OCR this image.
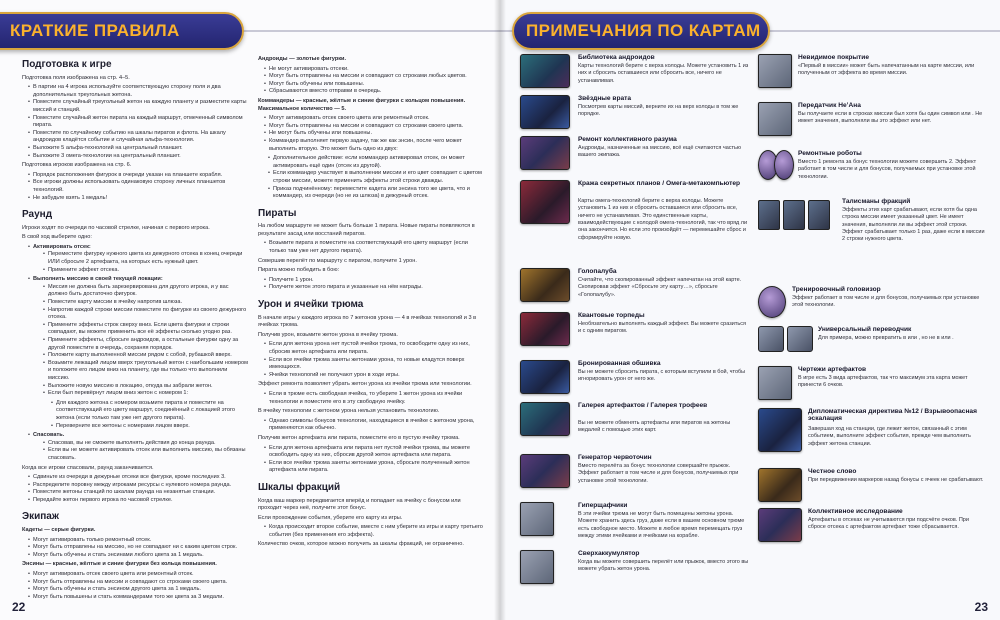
КРАТКИЕ ПРАВИЛА
Подготовка к игре

Подготовка поля изображена на стр. 4–5.

• В партии на 4 игрока используйте соответствующую сторону поля и два дополнительных треугольных жетона.
• Поместите случайный треугольный жетон на каждую планету и разместите карты миссий и станций.
• Поместите случайный жетон пирата на каждый маршрут, отмеченный символом пирата.
• Поместите по случайному событию на шкалы пиратов и флота. На шкалу андроидов кладётся событие и случайная альфа-технология.
• Выложите 5 альфа-технологий на центральный планшет.
• Выложите 3 омега-технологии на центральный планшет.

Подготовка игроков изображена на стр. 6.

• Порядок расположения фигурок в очереди указан на планшете корабля.
• Все игроки должны использовать одинаковую сторону личных планшетов технологий.
• Не забудьте взять 1 медаль!
Раунд

Игроки ходят по очереди по часовой стрелке, начиная с первого игрока.

В свой ход выберите одно:

• Активировать отсек:
• Переместите фигурку нужного цвета из дежурного отсека в конец очереди ИЛИ сбросьте 2 артефакта, на которых есть нужный цвет.
• Примените эффект отсека.
• Выполнить миссию в своей текущей локации:
• Миссия не должна быть зарезервирована для другого игрока, и у вас должно быть достаточно фигурок.
• Поместите карту миссии в ячейку напротив шлюза.
• Напротив каждой строки миссии поместите по фигурке из своего дежурного отсека.
• Примените эффекты строк сверху вниз. Если цвета фигурки и строки совпадают, вы можете применить все её эффекты сколько угодно раз.
• Примените эффекты, сбросьте андроидов, а остальные фигурки одну за другой поместите в очередь, сохраняя порядок.
• Положите карту выполненной миссии рядом с собой, рубашкой вверх.
• Возьмите лежащий лицом вверх треугольный жетон с наибольшим номером и положите его лицом вниз на планету, где вы только что выполнили миссию.
• Выложите новую миссию в локацию, откуда вы забрали жетон.
• Если был перевёрнут лицом вниз жетон с номером 1:
• Для каждого жетона с номером возьмите пирата и поместите на соответствующий его цвету маршрут, соединённый с локацией этого жетона (если только там уже нет другого пирата).
• Переверните все жетоны с номерами лицом вверх.
• Спасовать.
• Спасовав, вы не сможете выполнять действия до конца раунда.
• Если вы не можете активировать отсек или выполнить миссию, вы обязаны спасовать.

Когда все игроки спасовали, раунд заканчивается.

• Сдвиньте из очереди в дежурные отсеки все фигурки, кроме последних 3.
• Распределите поровну между игроками ресурсы с нулевого номера раунда.
• Поместите жетоны станций по шкалам раунда на незанятые станции.
• Передайте жетон первого игрока по часовой стрелке.
Экипаж

Кадеты — серые фигурки.

• Могут активировать только ремонтный отсек.
• Могут быть отправлены на миссию, но не совпадают ни с каким цветом строк.
• Могут быть обучены и стать энсинами любого цвета за 1 медаль.

Энсины — красные, жёлтые и синие фигурки без кольца повышения.

• Могут активировать отсек своего цвета или ремонтный отсек.
• Могут быть отправлены на миссии и совпадают со строками своего цвета.
• Могут быть обучены и стать энсином другого цвета за 1 медаль.
• Могут быть повышены и стать коммандерами того же цвета за 3 медали.

Андроиды — золотые фигурки.

• Не могут активировать отсеки.
• Могут быть отправлены на миссии и совпадают со строками любых цветов.
• Могут быть обучены или повышены.
• Сбрасываются вместо отправки в очередь.

Коммандеры — красные, жёлтые и синие фигурки с кольцом повышения. Максимальное количество — 5.

• Могут активировать отсек своего цвета или ремонтный отсек.
• Могут быть отправлены на миссии и совпадают со строками своего цвета.
• Не могут быть обучены или повышены.
• Коммандер выполняет первую задачу, так же как энсин, после чего может выполнить вторую. Это может быть одно из двух:
• Дополнительное действие: если коммандер активировал отсек, он может активировать ещё один (отсек из другой).
• Если коммандер участвует в выполнении миссии и его цвет совпадает с цветом строки миссии, можете применить эффекты этой строки дважды.
• Приказ подчинённому: переместите кадета или энсина того же цвета, что и коммандер, из очереди (но не из шлюза) в дежурный отсек.
Пираты

На любом маршруте не может быть больше 1 пирата. Новые пираты появляются в результате засад или восстаний пиратов.

• Возьмите пирата и поместите на соответствующий его цвету маршрут (если только там уже нет другого пирата).

Совершив перелёт по маршруту с пиратом, получите 1 урон.

Пирата можно победить в бою:

• Получите 1 урон.
• Получите жетон этого пирата и указанные на нём награды.
Урон и ячейки трюма

В начале игры у каждого игрока по 7 жетонов урона — 4 в ячейках технологий и 3 в ячейках трюма.

Получив урон, возьмите жетон урона в ячейку трюма.

• Если для жетона урона нет пустой ячейки трюма, то освободите одну из них, сбросив жетон артефакта или пирата.
• Если все ячейки трюма заняты жетонами урона, то новые кладутся поверх имеющихся.
• Ячейки технологий не получают урон в ходе игры.

Эффект ремонта позволяет убрать жетон урона из ячейки трюма или технологии.

• Если в трюме есть свободная ячейка, то уберите 1 жетон урона из ячейки технологии и поместите его в эту свободную ячейку.

В ячейку технологии с жетоном урона нельзя установить технологию.

• Однако символы бонусов технологии, находящиеся в ячейке с жетоном урона, применяются как обычно.

Получив жетон артефакта или пирата, поместите его в пустую ячейку трюма.

• Если для жетона артефакта или пирата нет пустой ячейки трюма, вы можете освободить одну из них, сбросив другой жетон артефакта или пирата.
• Если все ячейки трюма заняты жетонами урона, сбросьте полученный жетон артефакта или пирата.
Шкалы фракций

Когда ваш маркер передвигается вперёд и попадает на ячейку с бонусом или проходит через неё, получите этот бонус.

Если прохождение события, уберите его карту из игры.

• Когда происходит второе событие, вместе с ним уберите из игры и карту третьего события (без применения его эффекта).

Количество очков, которое можно получить за шкалы фракций, не ограничено.

22
ПРИМЕЧАНИЯ ПО КАРТАМ
Библиотека андроидов
Карты технологий берите с верха колоды. Можете установить 1 из них и сбросить оставшиеся или сбросить все, ничего не устанавливая.
Звёздные врата
Посмотрев карты миссий, верните их на верх колоды в том же порядке.
Ремонт коллективного разума
Андроиды, назначенные на миссию, всё ещё считаются частью вашего экипажа.
Кража секретных планов / Омега-метакомпьютер
Карты омега-технологий берите с верха колоды. Можете установить 1 из них и сбросить оставшиеся или сбросить все, ничего не устанавливая. Это единственные карты, взаимодействующие с колодой омега-технологий, так что вряд ли она закончится. Но если это произойдёт — перемешайте сброс и сформируйте новую.
Голопалуба
Считайте, что скопированный эффект напечатан на этой карте. Скопировав эффект «Сбросьте эту карту…», сбросьте «Голопалубу».
Квантовые торпеды
Необязательно выполнять каждый эффект. Вы можете сразиться и с одним пиратом.
Бронированная обшивка
Вы не можете сбросить пирата, с которым вступили в бой, чтобы игнорировать урон от него же.
Галерея артефактов / Галерея трофеев
Вы не можете обменять артефакты или пиратов на жетоны медалей с помощью этих карт.
Генератор червоточин
Вместо перелёта за бонус технологии совершайте прыжок. Эффект работает в том числе и для бонусов, получаемых при установке этой технологии.
Гиперщафчики
В эти ячейки трюма не могут быть помещены жетоны урона. Можете хранить здесь груз, даже если в вашем основном трюме есть свободное место. Можете в любое время перемещать груз между этими ячейками и ячейками на корабле.
Сверхаккумулятор
Когда вы можете совершить перелёт или прыжок, вместо этого вы можете убрать жетон урона.
Невидимое покрытие
«Первый в миссии» может быть напечатанным на карте миссии, или полученным от эффекта во время миссии.
Передатчик Не’Ана
Вы получаете если в строках миссии был хотя бы один символ или . Не имеет значения, выполняли вы это эффект или нет.
Ремонтные роботы
Вместо 1 ремонта за бонус технологии можете совершить 2. Эффект работает в том числе и для бонусов, получаемых при установке этой технологии.
Талисманы фракций
Эффекты этих карт срабатывают, если хотя бы одна строка миссии имеет указанный цвет. Не имеет значения, выполняли ли вы эффект этой строки. Эффект срабатывает только 1 раз, даже если в миссии 2 строки нужного цвета.
Тренировочный головизор
Эффект работает в том числе и для бонусов, получаемых при установке этой технологии.
Универсальный переводчик
Для примера, можно превратить в или , но не в или .
Чертежи артефактов
В игре есть 3 вида артефактов, так что максимум эта карта может принести 6 очков.
Дипломатическая директива №12 / Взрывоопасная эскалация
Завершая ход на станции, где лежит жетон, связанный с этим событием, выполните эффект события, прежде чем выполнить эффект жетона станции.
Честное слово
При передвижении маркеров назад бонусы с ячеек не срабатывают.
Коллективное исследование
Артефакты в отсеках не учитываются при подсчёте очков. При сбросе отсека с артефактом артефакт тоже сбрасывается.
23
